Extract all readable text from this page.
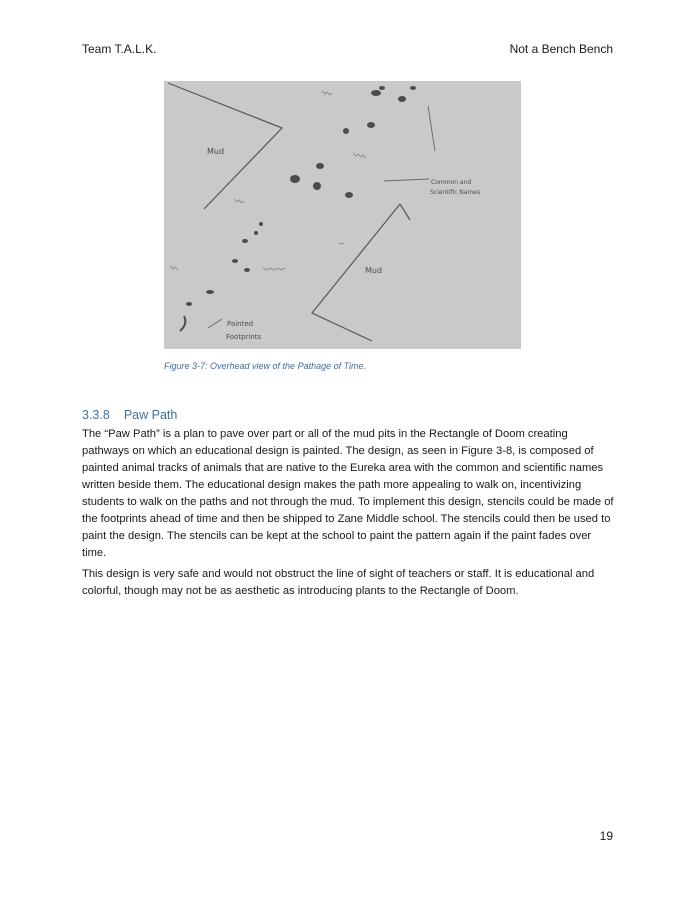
Team T.A.L.K.	Not a Bench Bench
Mud
Mud
Common and
Scientific Names
Painted
Footprints
Figure 3-7: Overhead view of the Pathage of Time.
3.3.8 Paw Path

The “Paw Path” is a plan to pave over part or all of the mud pits in the Rectangle of Doom creating pathways on which an educational design is painted. The design, as seen in Figure 3-8, is composed of painted animal tracks of animals that are native to the Eureka area with the common and scientific names written beside them. The educational design makes the path more appealing to walk on, incentivizing students to walk on the paths and not through the mud. To implement this design, stencils could be made of the footprints ahead of time and then be shipped to Zane Middle school. The stencils could then be used to paint the design. The stencils can be kept at the school to paint the pattern again if the paint fades over time.

This design is very safe and would not obstruct the line of sight of teachers or staff. It is educational and colorful, though may not be as aesthetic as introducing plants to the Rectangle of Doom.

19
